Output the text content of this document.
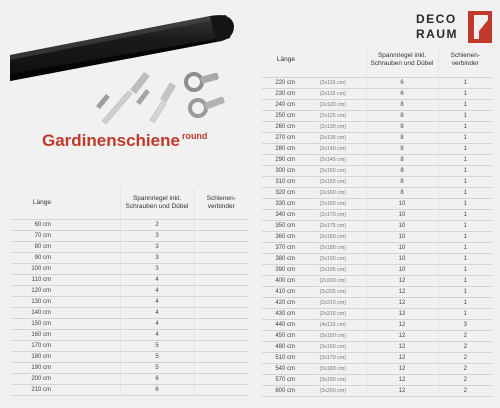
Gardinenschiene $^{round}$
DECO
RAUM
Länge		Spannriegel inkl. Schrauben und Dübel	Schienen-verbinder
60 cm		2	
70 cm		3	
80 cm		3	
90 cm		3	
100 cm		3	
110 cm		4	
120 cm		4	
130 cm		4	
140 cm		4	
150 cm		4	
160 cm		4	
170 cm		5	
180 cm		5	
190 cm		5	
200 cm		6	
210 cm		6	
Länge		Spannriegel inkl. Schrauben und Dübel	Schienen-verbinder
220 cm	(2x110 cm)	6	1
230 cm	(2x115 cm)	6	1
240 cm	(2x120 cm)	8	1
250 cm	(2x125 cm)	8	1
260 cm	(2x130 cm)	8	1
270 cm	(2x135 cm)	8	1
280 cm	(2x140 cm)	8	1
290 cm	(2x145 cm)	8	1
300 cm	(2x150 cm)	8	1
310 cm	(2x155 cm)	8	1
320 cm	(2x160 cm)	8	1
330 cm	(2x165 cm)	10	1
340 cm	(2x170 cm)	10	1
350 cm	(2x175 cm)	10	1
360 cm	(2x180 cm)	10	1
370 cm	(2x185 cm)	10	1
380 cm	(2x190 cm)	10	1
390 cm	(2x195 cm)	10	1
400 cm	(2x200 cm)	12	1
410 cm	(2x205 cm)	12	1
420 cm	(2x210 cm)	12	1
430 cm	(2x215 cm)	12	1
440 cm	(4x110 cm)	12	3
450 cm	(3x150 cm)	12	2
480 cm	(3x160 cm)	12	2
510 cm	(3x170 cm)	12	2
540 cm	(3x180 cm)	12	2
570 cm	(3x190 cm)	12	2
600 cm	(3x200 cm)	12	2
